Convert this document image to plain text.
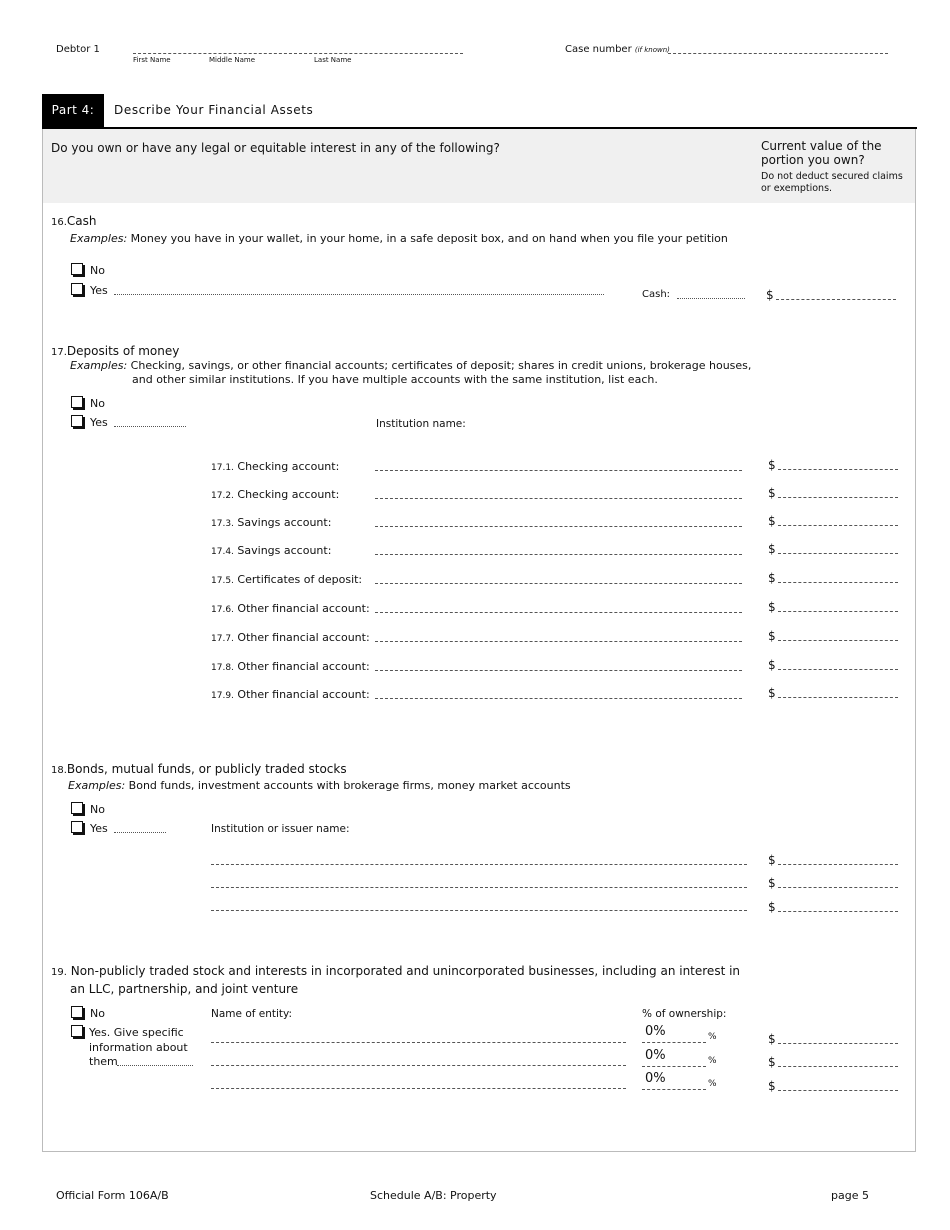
Debtor 1
First Name	Middle Name	Last Name
Case number (if known)
Part 4:	Describe Your Financial Assets
Do you own or have any legal or equitable interest in any of the following?	Current value of the
portion you own?
Do not deduct secured claims
or exemptions.
16.Cash
Examples: Money you have in your wallet, in your home, in a safe deposit box, and on hand when you file your petition
No
Yes	Cash:	$
17.Deposits of money
Examples: Checking, savings, or other financial accounts; certificates of deposit; shares in credit unions, brokerage houses,
and other similar institutions. If you have multiple accounts with the same institution, list each.
No
Yes	Institution name:
17.1. Checking account:	$
17.2. Checking account:	$
17.3. Savings account:	$
17.4. Savings account:	$
17.5. Certificates of deposit:	$
17.6. Other financial account:	$
17.7. Other financial account:	$
17.8. Other financial account:	$
17.9. Other financial account:	$
18.Bonds, mutual funds, or publicly traded stocks
Examples: Bond funds, investment accounts with brokerage firms, money market accounts
No
Yes	Institution or issuer name:
$
$
$
19. Non-publicly traded stock and interests in incorporated and unincorporated businesses, including an interest in
an LLC, partnership, and joint venture
No
Yes. Give specific
information about
them
Name of entity:	% of ownership:
0%	%	$
0%	%	$
0%	%	$
Official Form 106A/B	Schedule A/B: Property	page 5
